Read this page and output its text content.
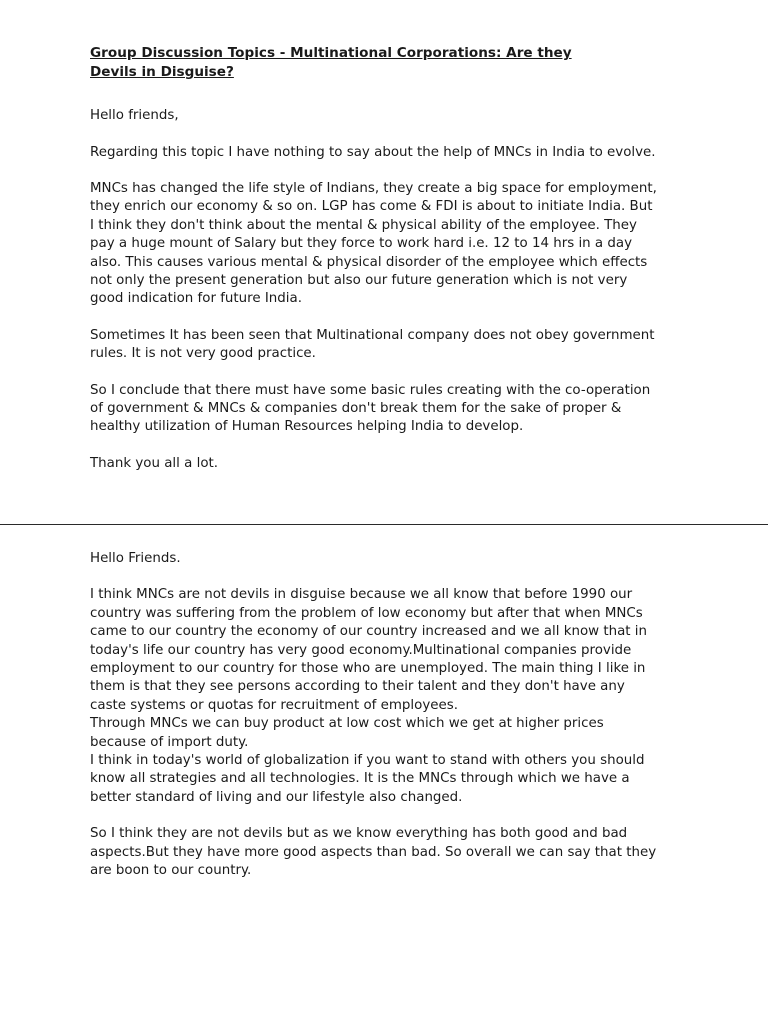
Group Discussion Topics - Multinational Corporations: Are they
Devils in Disguise?
Hello friends,
Regarding this topic I have nothing to say about the help of MNCs in India to evolve.
MNCs has changed the life style of Indians, they create a big space for employment,
they enrich our economy & so on. LGP has come & FDI is about to initiate India. But
I think they don't think about the mental & physical ability of the employee. They
pay a huge mount of Salary but they force to work hard i.e. 12 to 14 hrs in a day
also. This causes various mental & physical disorder of the employee which effects
not only the present generation but also our future generation which is not very
good indication for future India.
Sometimes It has been seen that Multinational company does not obey government
rules. It is not very good practice.
So I conclude that there must have some basic rules creating with the co-operation
of government & MNCs & companies don't break them for the sake of proper &
healthy utilization of Human Resources helping India to develop.
Thank you all a lot.
Hello Friends.
I think MNCs are not devils in disguise because we all know that before 1990 our
country was suffering from the problem of low economy but after that when MNCs
came to our country the economy of our country increased and we all know that in
today's life our country has very good economy.Multinational companies provide
employment to our country for those who are unemployed. The main thing I like in
them is that they see persons according to their talent and they don't have any
caste systems or quotas for recruitment of employees.
Through MNCs we can buy product at low cost which we get at higher prices
because of import duty.
I think in today's world of globalization if you want to stand with others you should
know all strategies and all technologies. It is the MNCs through which we have a
better standard of living and our lifestyle also changed.
So I think they are not devils but as we know everything has both good and bad
aspects.But they have more good aspects than bad. So overall we can say that they
are boon to our country.
